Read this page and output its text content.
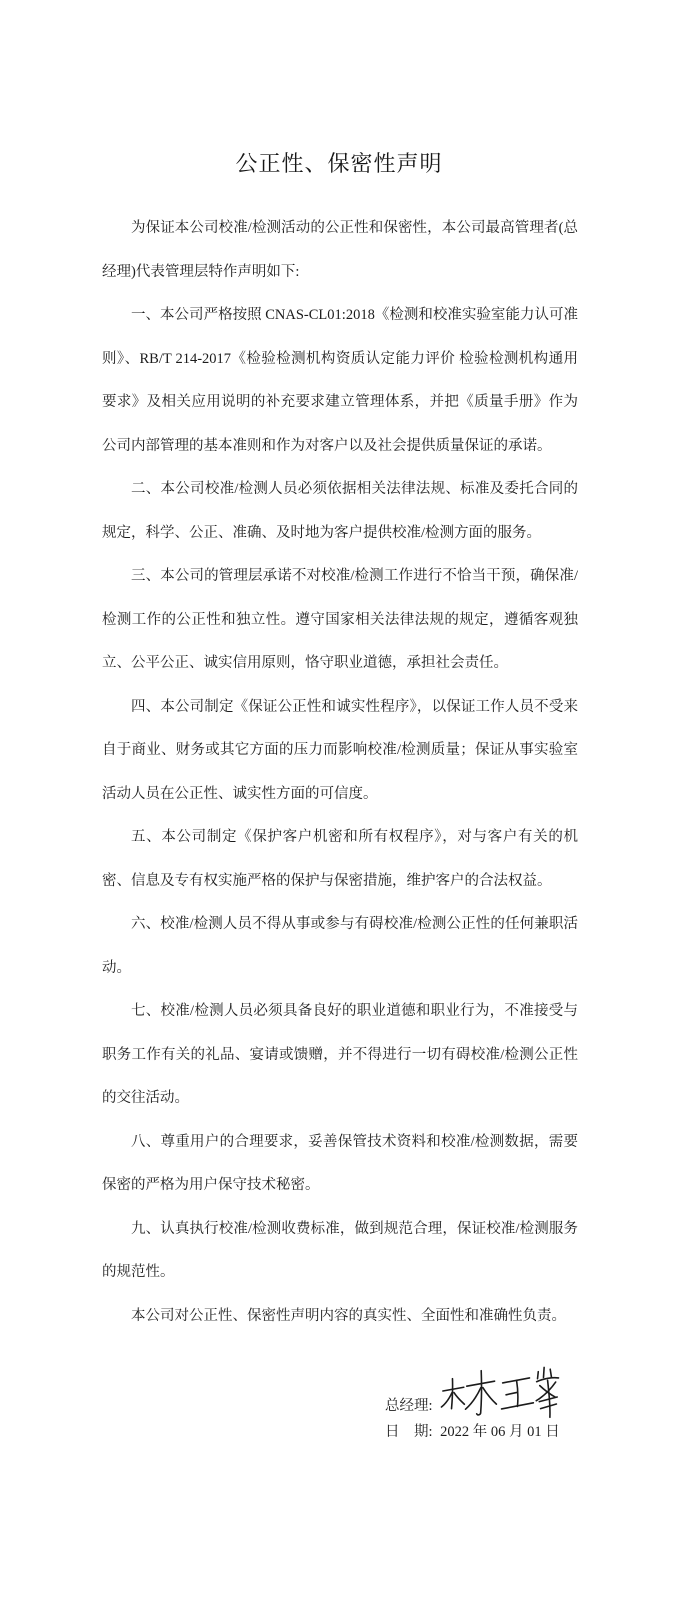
公正性、保密性声明

为保证本公司校准/检测活动的公正性和保密性，本公司最高管理者(总经理)代表管理层特作声明如下:

一、本公司严格按照 CNAS-CL01:2018《检测和校准实验室能力认可准则》、RB/T 214-2017《检验检测机构资质认定能力评价 检验检测机构通用要求》及相关应用说明的补充要求建立管理体系，并把《质量手册》作为公司内部管理的基本准则和作为对客户以及社会提供质量保证的承诺。

二、本公司校准/检测人员必须依据相关法律法规、标准及委托合同的规定，科学、公正、准确、及时地为客户提供校准/检测方面的服务。

三、本公司的管理层承诺不对校准/检测工作进行不恰当干预，确保准/检测工作的公正性和独立性。遵守国家相关法律法规的规定，遵循客观独立、公平公正、诚实信用原则，恪守职业道德，承担社会责任。

四、本公司制定《保证公正性和诚实性程序》，以保证工作人员不受来自于商业、财务或其它方面的压力而影响校准/检测质量；保证从事实验室活动人员在公正性、诚实性方面的可信度。

五、本公司制定《保护客户机密和所有权程序》，对与客户有关的机密、信息及专有权实施严格的保护与保密措施，维护客户的合法权益。

六、校准/检测人员不得从事或参与有碍校准/检测公正性的任何兼职活动。

七、校准/检测人员必须具备良好的职业道德和职业行为，不准接受与职务工作有关的礼品、宴请或馈赠，并不得进行一切有碍校准/检测公正性的交往活动。

八、尊重用户的合理要求，妥善保管技术资料和校准/检测数据，需要保密的严格为用户保守技术秘密。

九、认真执行校准/检测收费标准，做到规范合理，保证校准/检测服务的规范性。

本公司对公正性、保密性声明内容的真实性、全面性和准确性负责。

总经理:
日　期: 2022 年 06 月 01 日
